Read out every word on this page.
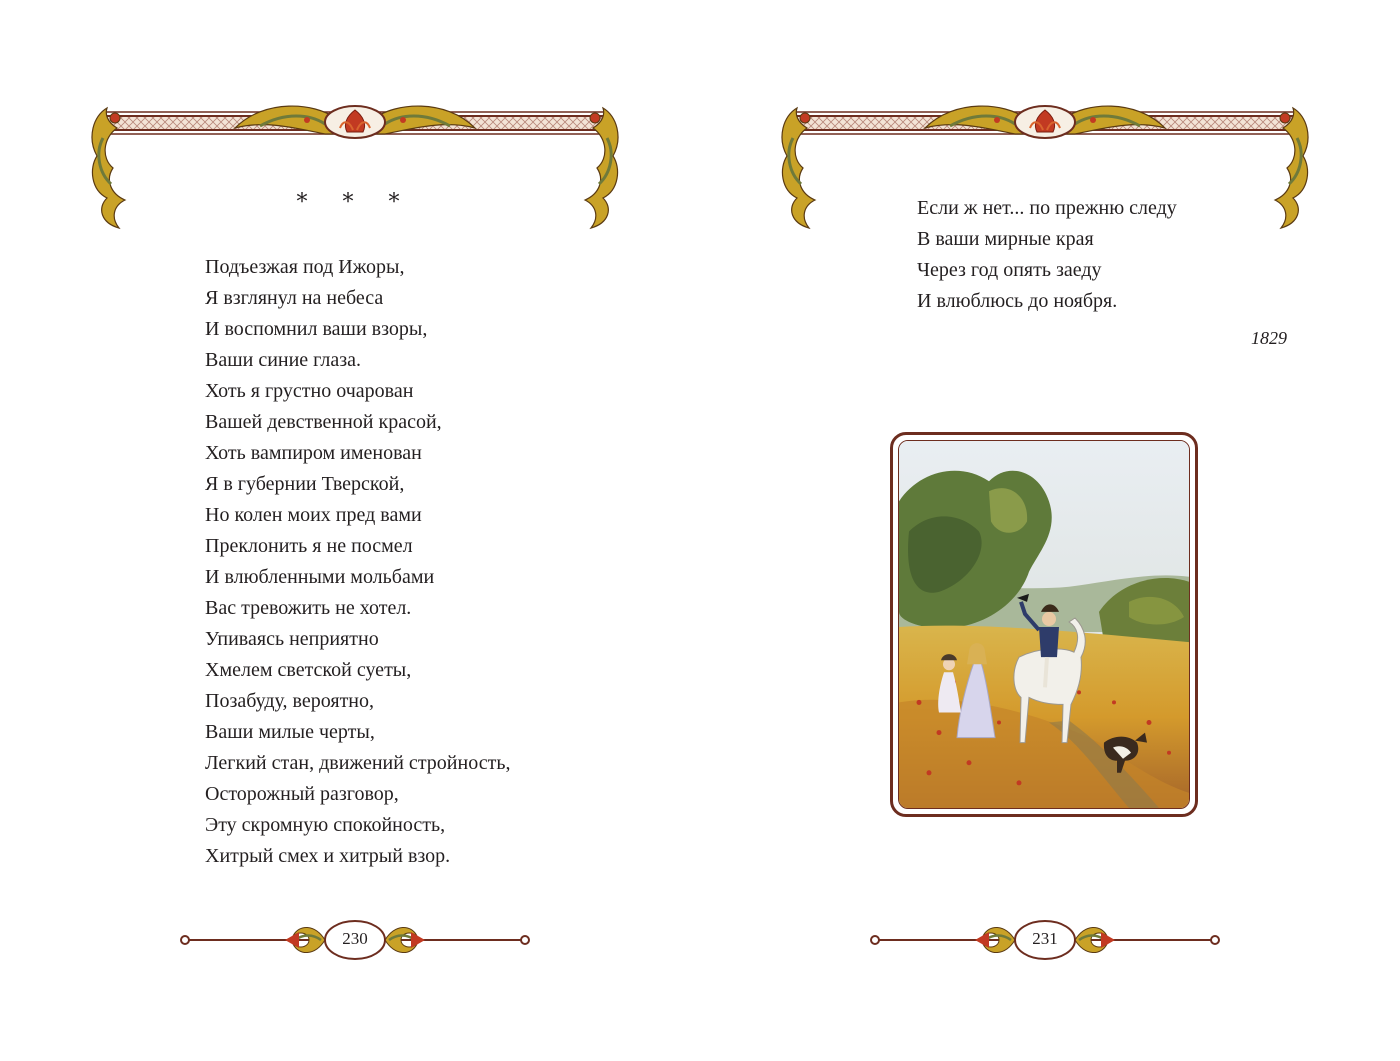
* * *
Подъезжая под Ижоры,
Я взглянул на небеса
И воспомнил ваши взоры,
Ваши синие глаза.
Хоть я грустно очарован
Вашей девственной красой,
Хоть вампиром именован
Я в губернии Тверской,
Но колен моих пред вами
Преклонить я не посмел
И влюбленными мольбами
Вас тревожить не хотел.
Упиваясь неприятно
Хмелем светской суеты,
Позабуду, вероятно,
Ваши милые черты,
Легкий стан, движений стройность,
Осторожный разговор,
Эту скромную спокойность,
Хитрый смех и хитрый взор.
230
Если ж нет... по прежню следу
В ваши мирные края
Через год опять заеду
И влюблюсь до ноября.
1829
231
